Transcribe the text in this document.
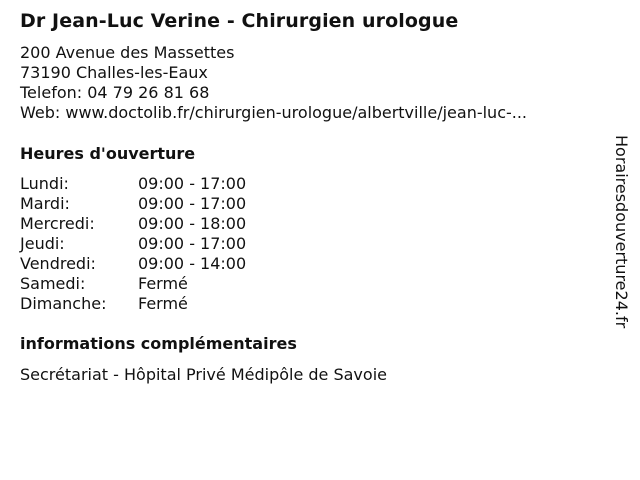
Dr Jean-Luc Verine - Chirurgien urologue
200 Avenue des Massettes
73190 Challes-les-Eaux
Telefon: 04 79 26 81 68
Web: www.doctolib.fr/chirurgien-urologue/albertville/jean-luc-...
Heures d'ouverture
Lundi:	09:00 - 17:00
Mardi:	09:00 - 17:00
Mercredi:	09:00 - 18:00
Jeudi:	09:00 - 17:00
Vendredi:	09:00 - 14:00
Samedi:	Fermé
Dimanche: Fermé
informations complémentaires
Secrétariat - Hôpital Privé Médipôle de Savoie
Horairesdouverture24.fr
